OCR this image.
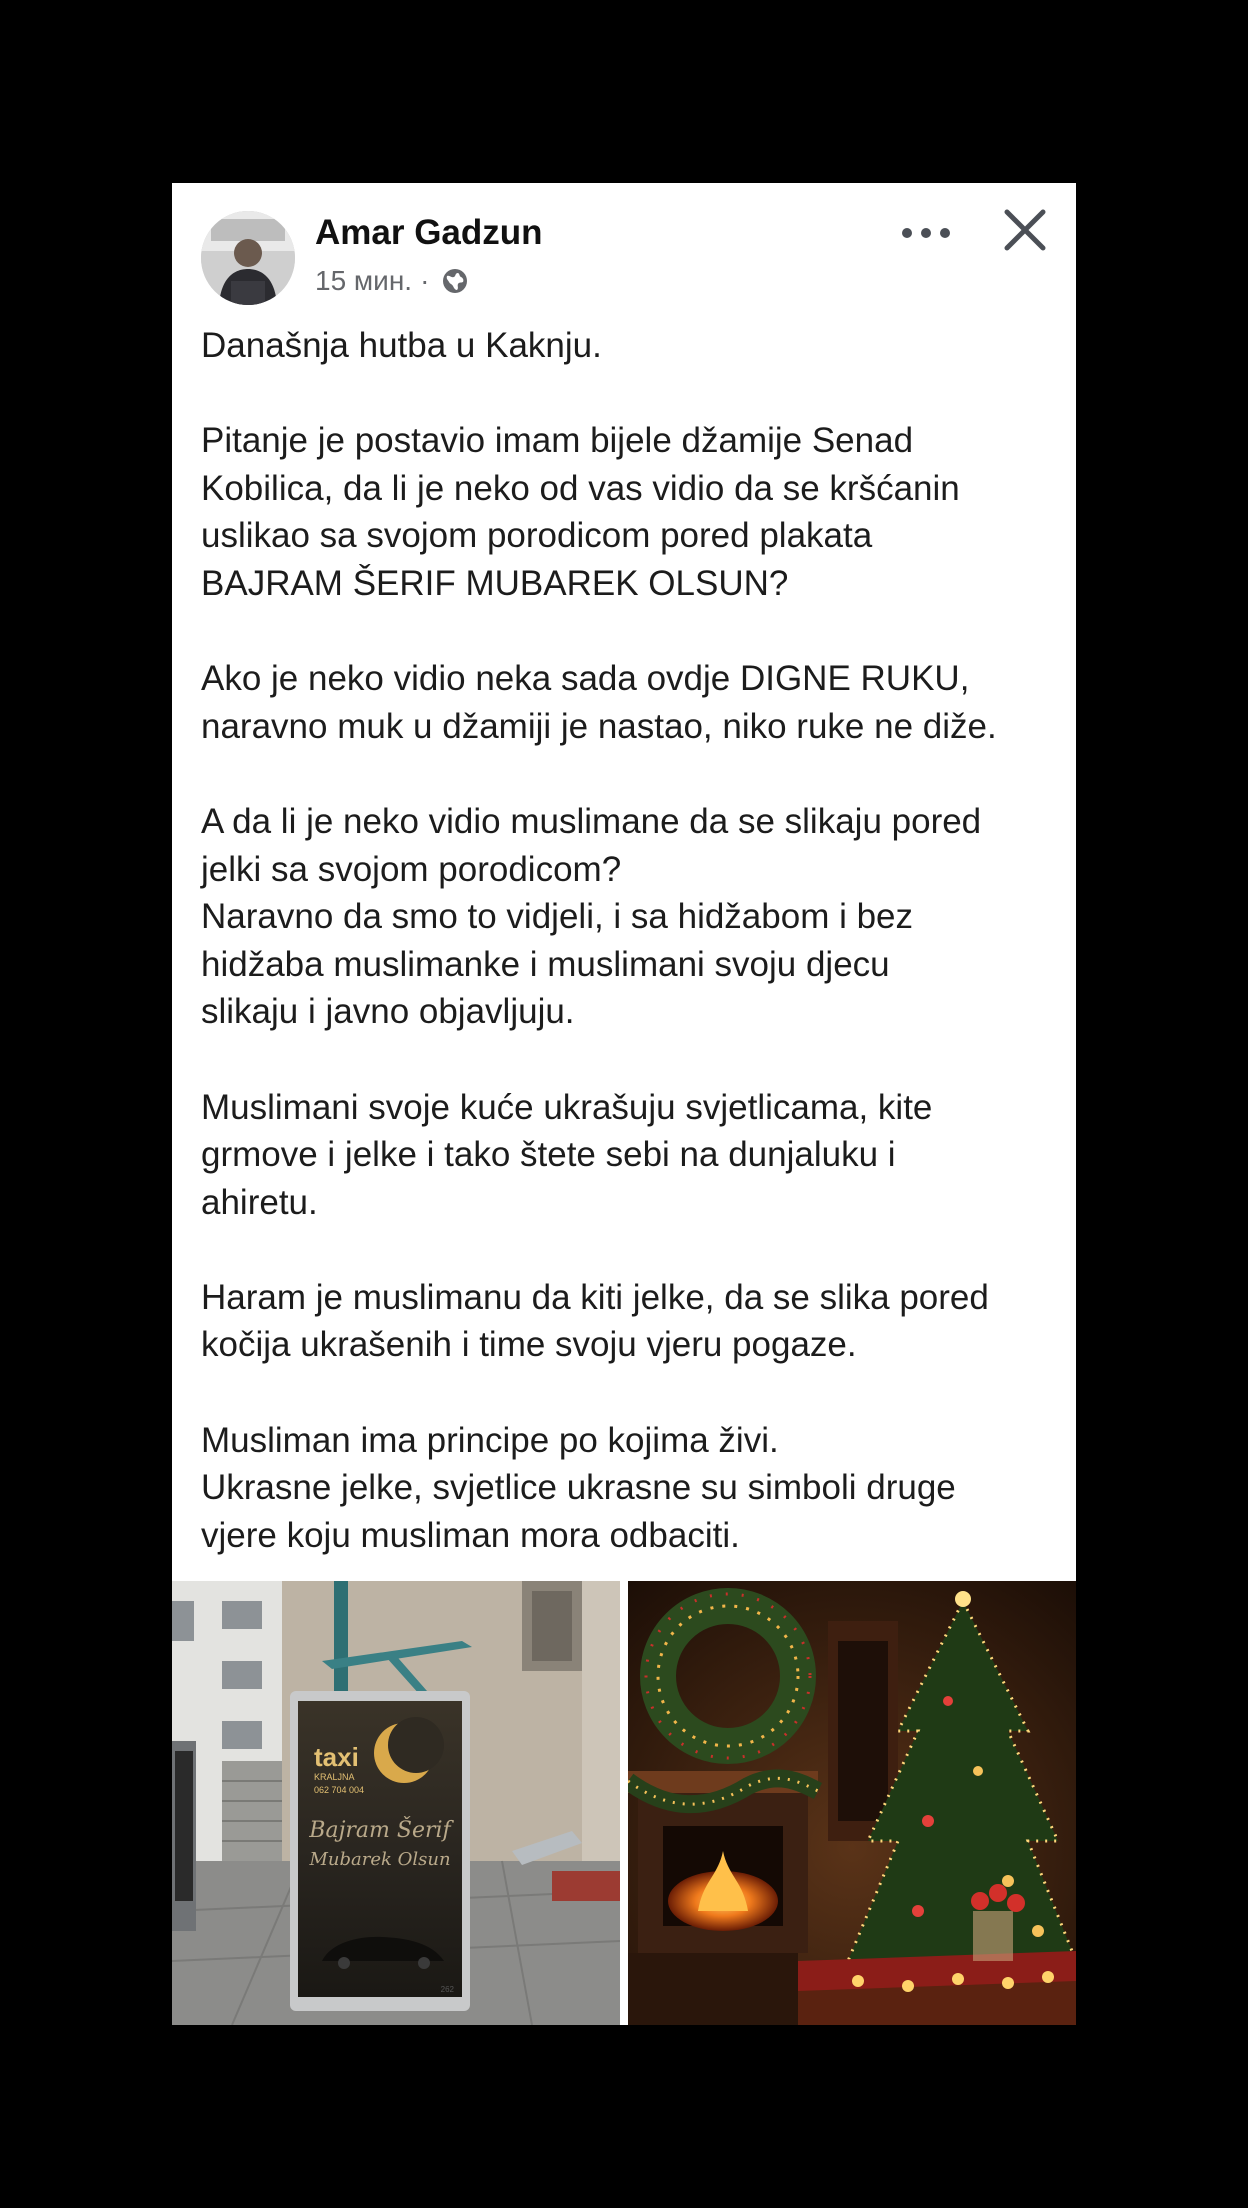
Amar Gadzun
15 мин. ·

Današnja hutba u Kaknju.

Pitanje je postavio imam bijele džamije Senad
Kobilica, da li je neko od vas vidio da se kršćanin
uslikao sa svojom porodicom pored plakata
BAJRAM ŠERIF MUBAREK OLSUN?

Ako je neko vidio neka sada ovdje DIGNE RUKU,
naravno muk u džamiji je nastao, niko ruke ne diže.

A da li je neko vidio muslimane da se slikaju pored
jelki sa svojom porodicom?
Naravno da smo to vidjeli, i sa hidžabom i bez
hidžaba muslimanke i muslimani svoju djecu
slikaju i javno objavljuju.

Muslimani svoje kuće ukrašuju svjetlicama, kite
grmove i jelke i tako štete sebi na dunjaluku i
ahiretu.

Haram je muslimanu da kiti jelke, da se slika pored
kočija ukrašenih i time svoju vjeru pogaze.

Musliman ima principe po kojima živi.
Ukrasne jelke, svjetlice ukrasne su simboli druge
vjere koju musliman mora odbaciti.

taxi
KRALJNA
062 704 004
Bajram Šerif
Mubarek Olsun
262
